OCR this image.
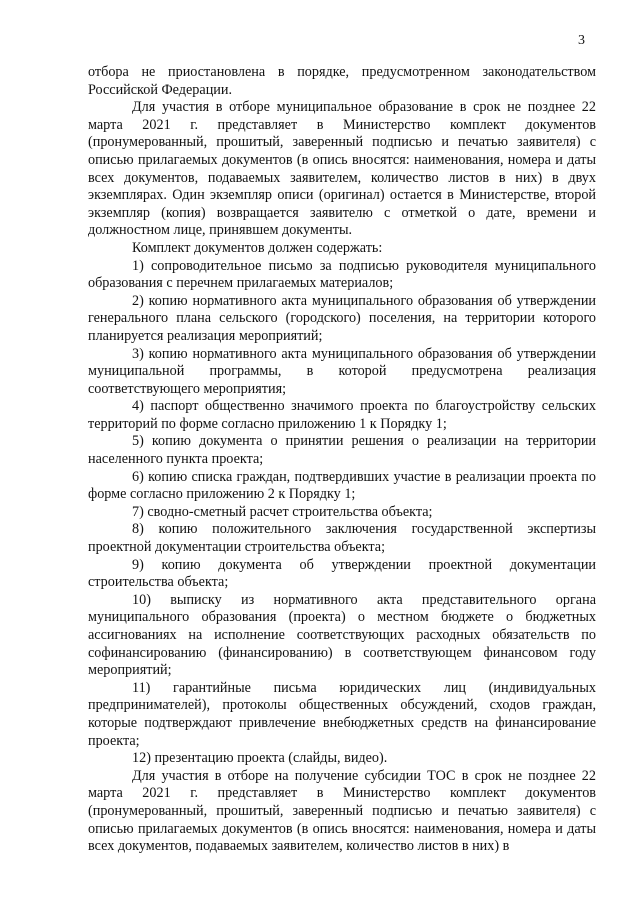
3

отбора не приостановлена в порядке, предусмотренном законодательством Российской Федерации.

Для участия в отборе муниципальное образование в срок не позднее 22 марта 2021 г. представляет в Министерство комплект документов (пронумерованный, прошитый, заверенный подписью и печатью заявителя) с описью прилагаемых документов (в опись вносятся: наименования, номера и даты всех документов, подаваемых заявителем, количество листов в них) в двух экземплярах. Один экземпляр описи (оригинал) остается в Министерстве, второй экземпляр (копия) возвращается заявителю с отметкой о дате, времени и должностном лице, принявшем документы.

Комплект документов должен содержать:

1) сопроводительное письмо за подписью руководителя муниципального образования с перечнем прилагаемых материалов;

2) копию нормативного акта муниципального образования об утверждении генерального плана сельского (городского) поселения, на территории которого планируется реализация мероприятий;

3) копию нормативного акта муниципального образования об утверждении муниципальной программы, в которой предусмотрена реализация соответствующего мероприятия;

4) паспорт общественно значимого проекта по благоустройству сельских территорий по форме согласно приложению 1 к Порядку 1;

5) копию документа о принятии решения о реализации на территории населенного пункта проекта;

6) копию списка граждан, подтвердивших участие в реализации проекта по форме согласно приложению 2 к Порядку 1;

7) сводно-сметный расчет строительства объекта;

8) копию положительного заключения государственной экспертизы проектной документации строительства объекта;

9) копию документа об утверждении проектной документации строительства объекта;

10) выписку из нормативного акта представительного органа муниципального образования (проекта) о местном бюджете о бюджетных ассигнованиях на исполнение соответствующих расходных обязательств по софинансированию (финансированию) в соответствующем финансовом году мероприятий;

11) гарантийные письма юридических лиц (индивидуальных предпринимателей), протоколы общественных обсуждений, сходов граждан, которые подтверждают привлечение внебюджетных средств на финансирование проекта;

12) презентацию проекта (слайды, видео).

Для участия в отборе на получение субсидии ТОС в срок не позднее 22 марта 2021 г. представляет в Министерство комплект документов (пронумерованный, прошитый, заверенный подписью и печатью заявителя) с описью прилагаемых документов (в опись вносятся: наименования, номера и даты всех документов, подаваемых заявителем, количество листов в них) в
